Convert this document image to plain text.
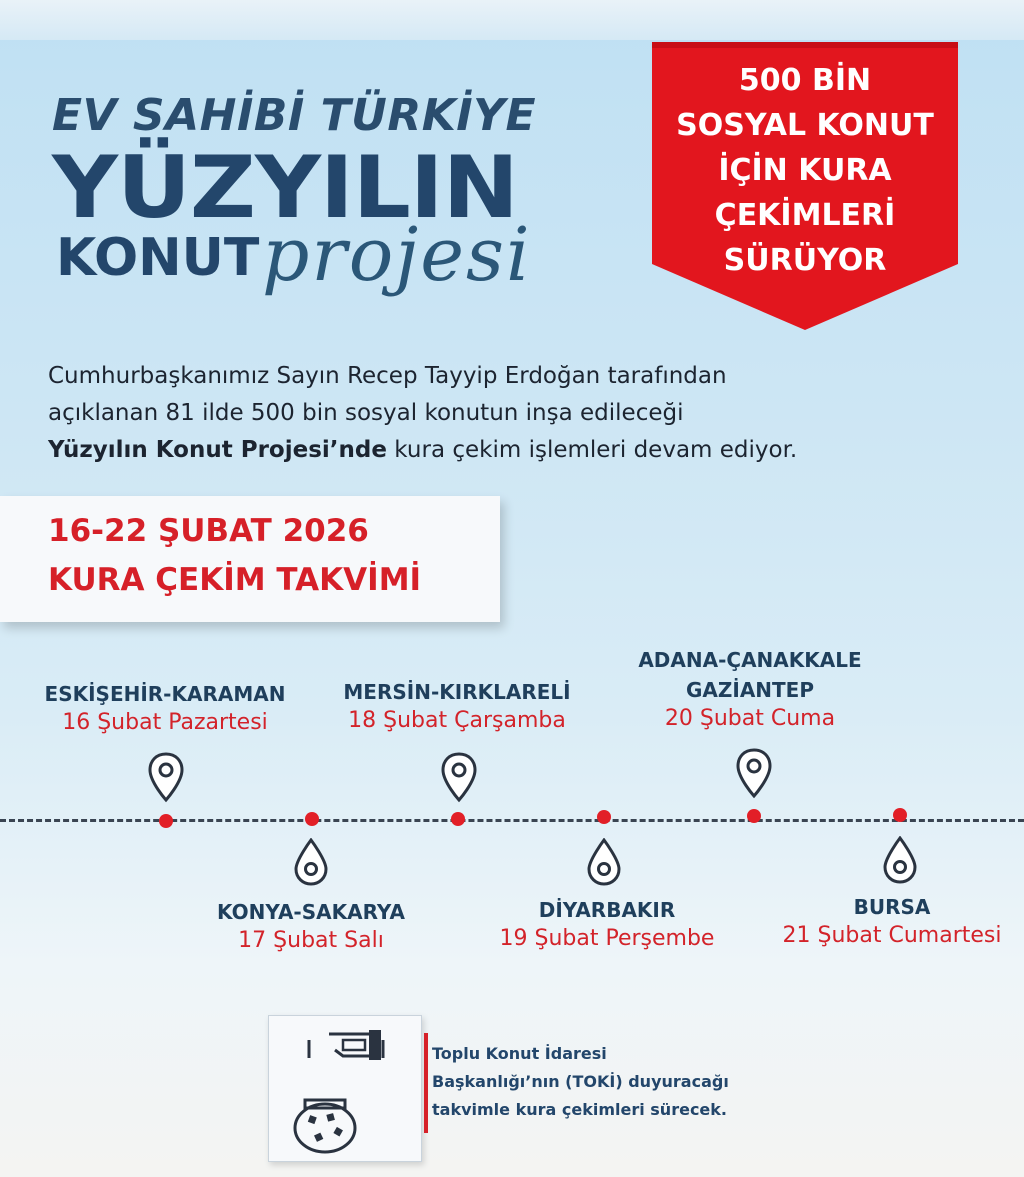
EV SAHİBİ TÜRKİYE
YÜZYILIN
KONUT projesi
500 BİN
SOSYAL KONUT
İÇİN KURA
ÇEKİMLERİ
SÜRÜYOR
Cumhurbaşkanımız Sayın Recep Tayyip Erdoğan tarafından
açıklanan 81 ilde 500 bin sosyal konutun inşa edileceği
Yüzyılın Konut Projesi’nde kura çekim işlemleri devam ediyor.
16-22 ŞUBAT 2026
KURA ÇEKİM TAKVİMİ
ESKİŞEHİR-KARAMAN
16 Şubat Pazartesi
MERSİN-KIRKLARELİ
18 Şubat Çarşamba
ADANA-ÇANAKKALE
GAZİANTEP
20 Şubat Cuma
KONYA-SAKARYA
17 Şubat Salı
DİYARBAKIR
19 Şubat Perşembe
BURSA
21 Şubat Cumartesi
Toplu Konut İdaresi
Başkanlığı’nın (TOKİ) duyuracağı
takvimle kura çekimleri sürecek.
